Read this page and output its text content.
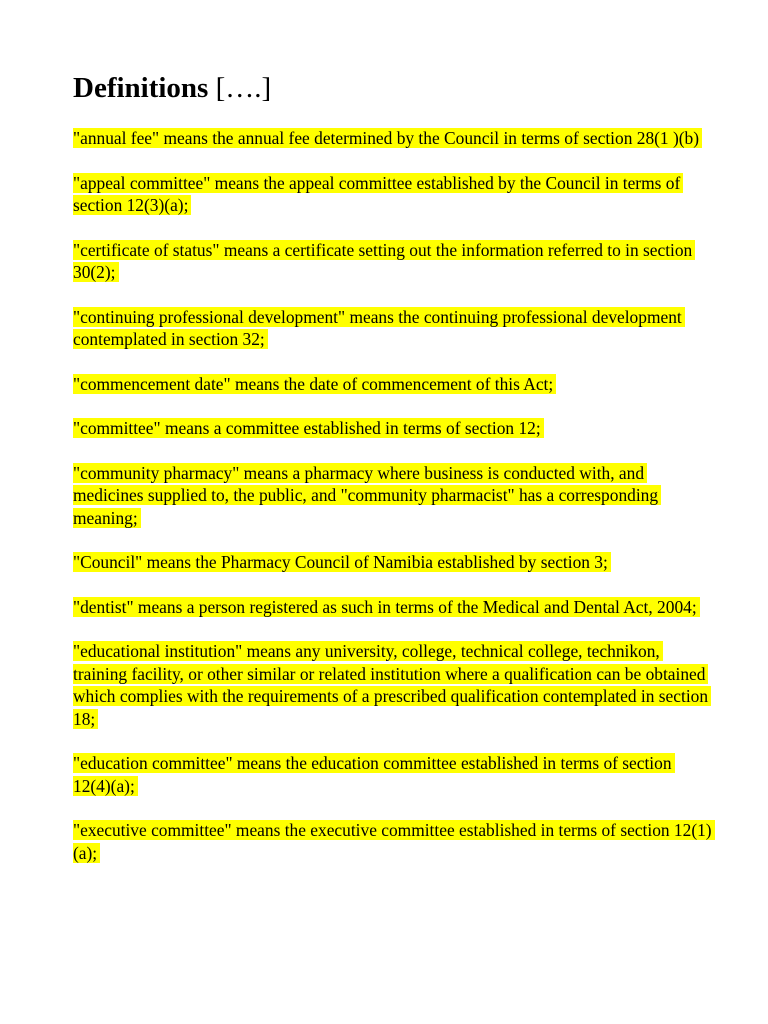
Definitions [….]
"annual fee" means the annual fee determined by the Council in terms of section 28(1 )(b)
"appeal committee" means the appeal committee established by the Council in terms of section 12(3)(a);
"certificate of status" means a certificate setting out the information referred to in section 30(2);
"continuing professional development" means the continuing professional development contemplated in section 32;
"commencement date" means the date of commencement of this Act;
"committee" means a committee established in terms of section 12;
"community pharmacy" means a pharmacy where business is conducted with, and medicines supplied to, the public, and "community pharmacist" has a corresponding meaning;
"Council" means the Pharmacy Council of Namibia established by section 3;
"dentist" means a person registered as such in terms of the Medical and Dental Act, 2004;
"educational institution" means any university, college, technical college, technikon, training facility, or other similar or related institution where a qualification can be obtained which complies with the requirements of a prescribed qualification contemplated in section 18;
"education committee" means the education committee established in terms of section 12(4)(a);
"executive committee" means the executive committee established in terms of section 12(1)(a);
